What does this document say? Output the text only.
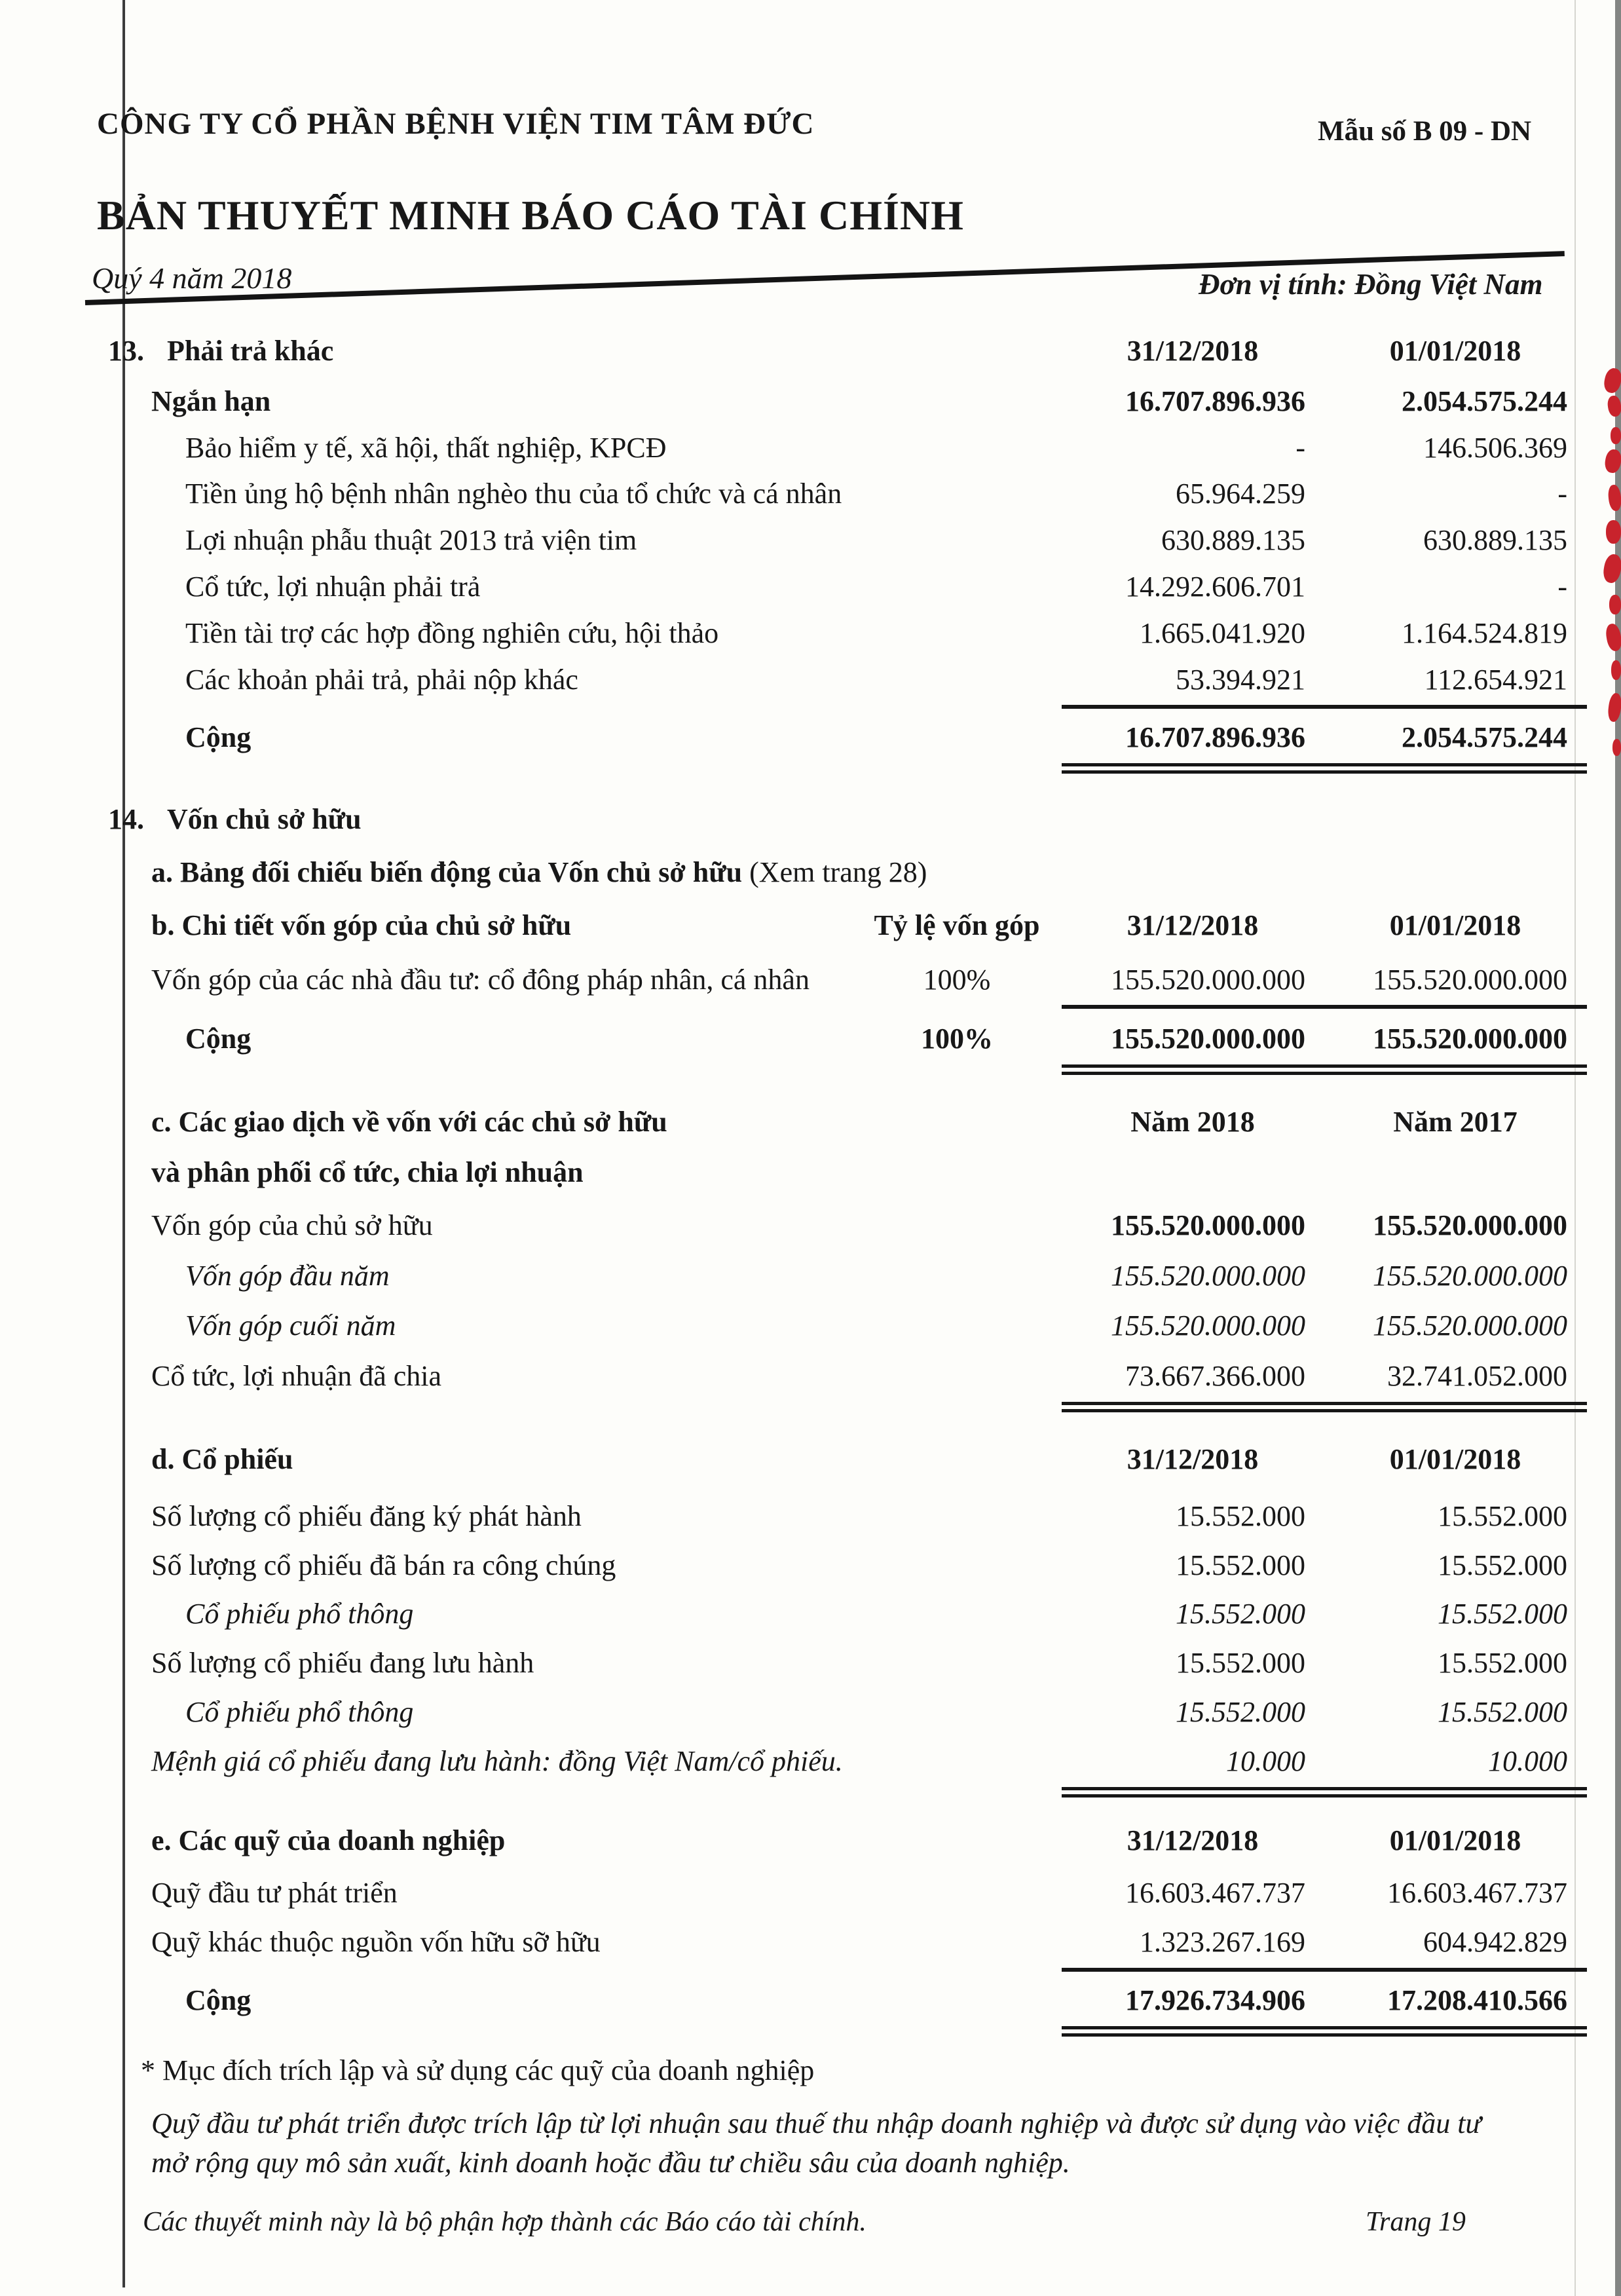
CÔNG TY CỔ PHẦN BỆNH VIỆN TIM TÂM ĐỨC	Mẫu số B 09 - DN
BẢN THUYẾT MINH BÁO CÁO TÀI CHÍNH
Quý 4 năm 2018	Đơn vị tính: Đồng Việt Nam
13. Phải trả khác	31/12/2018	01/01/2018
Ngắn hạn	16.707.896.936	2.054.575.244
Bảo hiểm y tế, xã hội, thất nghiệp, KPCĐ	-	146.506.369
Tiền ủng hộ bệnh nhân nghèo thu của tổ chức và cá nhân	65.964.259	-
Lợi nhuận phẫu thuật 2013 trả viện tim	630.889.135	630.889.135
Cổ tức, lợi nhuận phải trả	14.292.606.701	-
Tiền tài trợ các hợp đồng nghiên cứu, hội thảo	1.665.041.920	1.164.524.819
Các khoản phải trả, phải nộp khác	53.394.921	112.654.921
Cộng	16.707.896.936	2.054.575.244
14. Vốn chủ sở hữu
a. Bảng đối chiếu biến động của Vốn chủ sở hữu (Xem trang 28)
b. Chi tiết vốn góp của chủ sở hữu	Tỷ lệ vốn góp	31/12/2018	01/01/2018
Vốn góp của các nhà đầu tư: cổ đông pháp nhân, cá nhân	100%	155.520.000.000	155.520.000.000
Cộng	100%	155.520.000.000	155.520.000.000
c. Các giao dịch về vốn với các chủ sở hữu	Năm 2018	Năm 2017
và phân phối cổ tức, chia lợi nhuận
Vốn góp của chủ sở hữu	155.520.000.000	155.520.000.000
Vốn góp đầu năm	155.520.000.000	155.520.000.000
Vốn góp cuối năm	155.520.000.000	155.520.000.000
Cổ tức, lợi nhuận đã chia	73.667.366.000	32.741.052.000
d. Cổ phiếu	31/12/2018	01/01/2018
Số lượng cổ phiếu đăng ký phát hành	15.552.000	15.552.000
Số lượng cổ phiếu đã bán ra công chúng	15.552.000	15.552.000
Cổ phiếu phổ thông	15.552.000	15.552.000
Số lượng cổ phiếu đang lưu hành	15.552.000	15.552.000
Cổ phiếu phổ thông	15.552.000	15.552.000
Mệnh giá cổ phiếu đang lưu hành: đồng Việt Nam/cổ phiếu.	10.000	10.000
e. Các quỹ của doanh nghiệp	31/12/2018	01/01/2018
Quỹ đầu tư phát triển	16.603.467.737	16.603.467.737
Quỹ khác thuộc nguồn vốn hữu sỡ hữu	1.323.267.169	604.942.829
Cộng	17.926.734.906	17.208.410.566
* Mục đích trích lập và sử dụng các quỹ của doanh nghiệp
Quỹ đầu tư phát triển được trích lập từ lợi nhuận sau thuế thu nhập doanh nghiệp và được sử dụng vào việc đầu tư
mở rộng quy mô sản xuất, kinh doanh hoặc đầu tư chiều sâu của doanh nghiệp.
Các thuyết minh này là bộ phận hợp thành các Báo cáo tài chính.	Trang 19
